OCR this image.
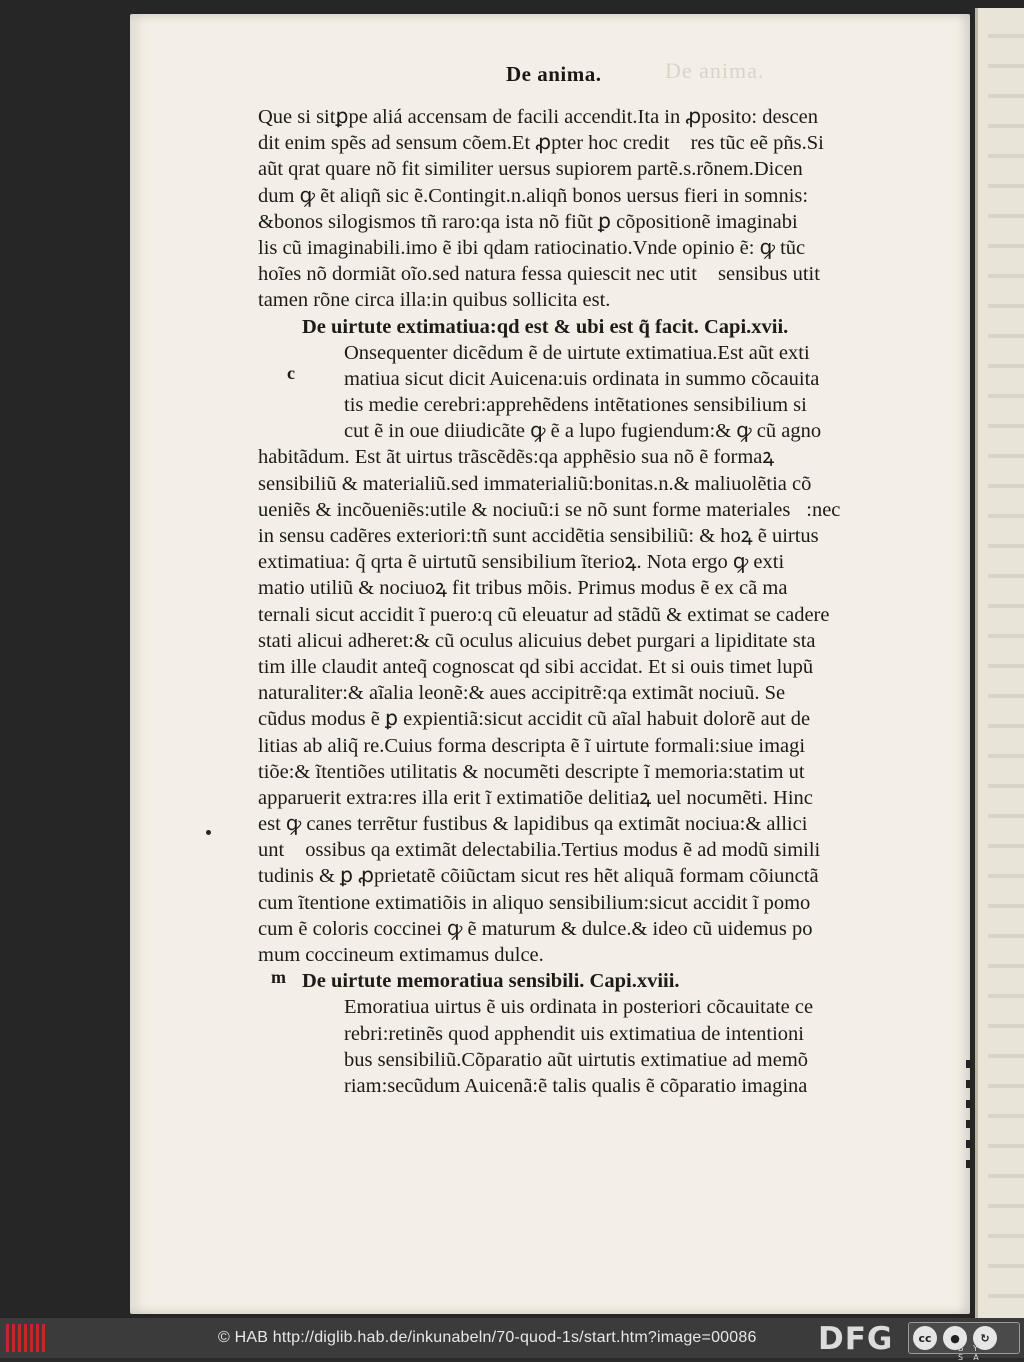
De anima.
De anima.
Que si sitꝑpe aliá accensam de facili accendit.Ita in ꝓposito: descen
dit enim spẽs ad sensum cõem.Et ꝓpter hoc creditᷣ res tũc eẽ pñs.Si
aũt qrat quare nõ fit similiter uersus supiorem partẽ.s.rõnem.Dicen
dum ꝙ ẽt aliqñ sic ẽ.Contingit.n.aliqñ bonos uersus fieri in somnis:
&bonos silogismos tñ raro:qa ista nõ fiũt ꝑ cõpositionẽ imaginabi
lis cũ imaginabili.imo ẽ ibi qdam ratiocinatio.Vnde opinio ẽ: ꝙ tũc
hoĩes nõ dormiãt oĩo.sed natura fessa quiescit nec utitᷣ sensibus utitᷣ
tamen rõne circa illa:in quibus sollicita est.
De uirtute extimatiua:qd est & ubi est q̃ facit. Capi.xvii.
Onsequenter dicẽdum ẽ de uirtute extimatiua.Est aũt exti
matiua sicut dicit Auicena:uis ordinata in summo cõcauita
tis medie cerebri:apprehẽdens intẽtationes sensibilium si
cut ẽ in oue diiudicãte ꝙ ẽ a lupo fugiendum:& ꝙ cũ agno
habitãdum. Est ãt uirtus trãscẽdẽs:qa apphẽsio sua nõ ẽ formaꝝ
sensibiliũ & materialiũ.sed immaterialiũ:bonitas.n.& maliuolẽtia cõ
ueniẽs & incõueniẽs:utile & nociuũ:i se nõ sunt forme materialesᷣ:nec
in sensu cadẽres exteriori:tñ sunt accidẽtia sensibiliũ: & hoꝝ ẽ uirtus
extimatiua: q̃ qrta ẽ uirtutũ sensibilium ĩterioꝝ. Nota ergo ꝙ exti
matio utiliũ & nociuoꝝ fit tribus mõis. Primus modus ẽ ex cã ma
ternali sicut accidit ĩ puero:q cũ eleuatur ad stãdũ & extimat se cadere
stati alicui adheret:& cũ oculus alicuius debet purgari a lipiditate sta
tim ille claudit anteq̃ cognoscat qd sibi accidat. Et si ouis timet lupũ
naturaliter:& aĩalia leonẽ:& aues accipitrẽ:qa extimãt nociuũ. Se
cũdus modus ẽ ꝑ expientiã:sicut accidit cũ aĩal habuit dolorẽ aut de
litias ab aliq̃ re.Cuius forma descripta ẽ ĩ uirtute formali:siue imagi
tiõe:& ĩtentiões utilitatis & nocumẽti descripte ĩ memoria:statim ut
apparuerit extra:res illa erit ĩ extimatiõe delitiaꝝ uel nocumẽti. Hinc
est ꝙ canes terrẽtur fustibus & lapidibus qa extimãt nociua:& allici
untᷣ ossibus qa extimãt delectabilia.Tertius modus ẽ ad modũ simili
tudinis & ꝑ ꝓprietatẽ cõiũctam sicut res hẽt aliquã formam cõiunctã
cum ĩtentione extimatiõis in aliquo sensibilium:sicut accidit ĩ pomo
cum ẽ coloris coccinei ꝙ ẽ maturum & dulce.& ideo cũ uidemus po
mum coccineum extimamus dulce.
De uirtute memoratiua sensibili. Capi.xviii.
Emoratiua uirtus ẽ uis ordinata in posteriori cõcauitate ce
rebri:retinẽs quod apphendit uis extimatiua de intentioni
bus sensibiliũ.Cõparatio aũt uirtutis extimatiue ad memõ
riam:secũdum Auicenã:ẽ talis qualis ẽ cõparatio imagina
c
m
© HAB http://diglib.hab.de/inkunabeln/70-quod-1s/start.htm?image=00086 DFG	cc	●	↻
BY SA
